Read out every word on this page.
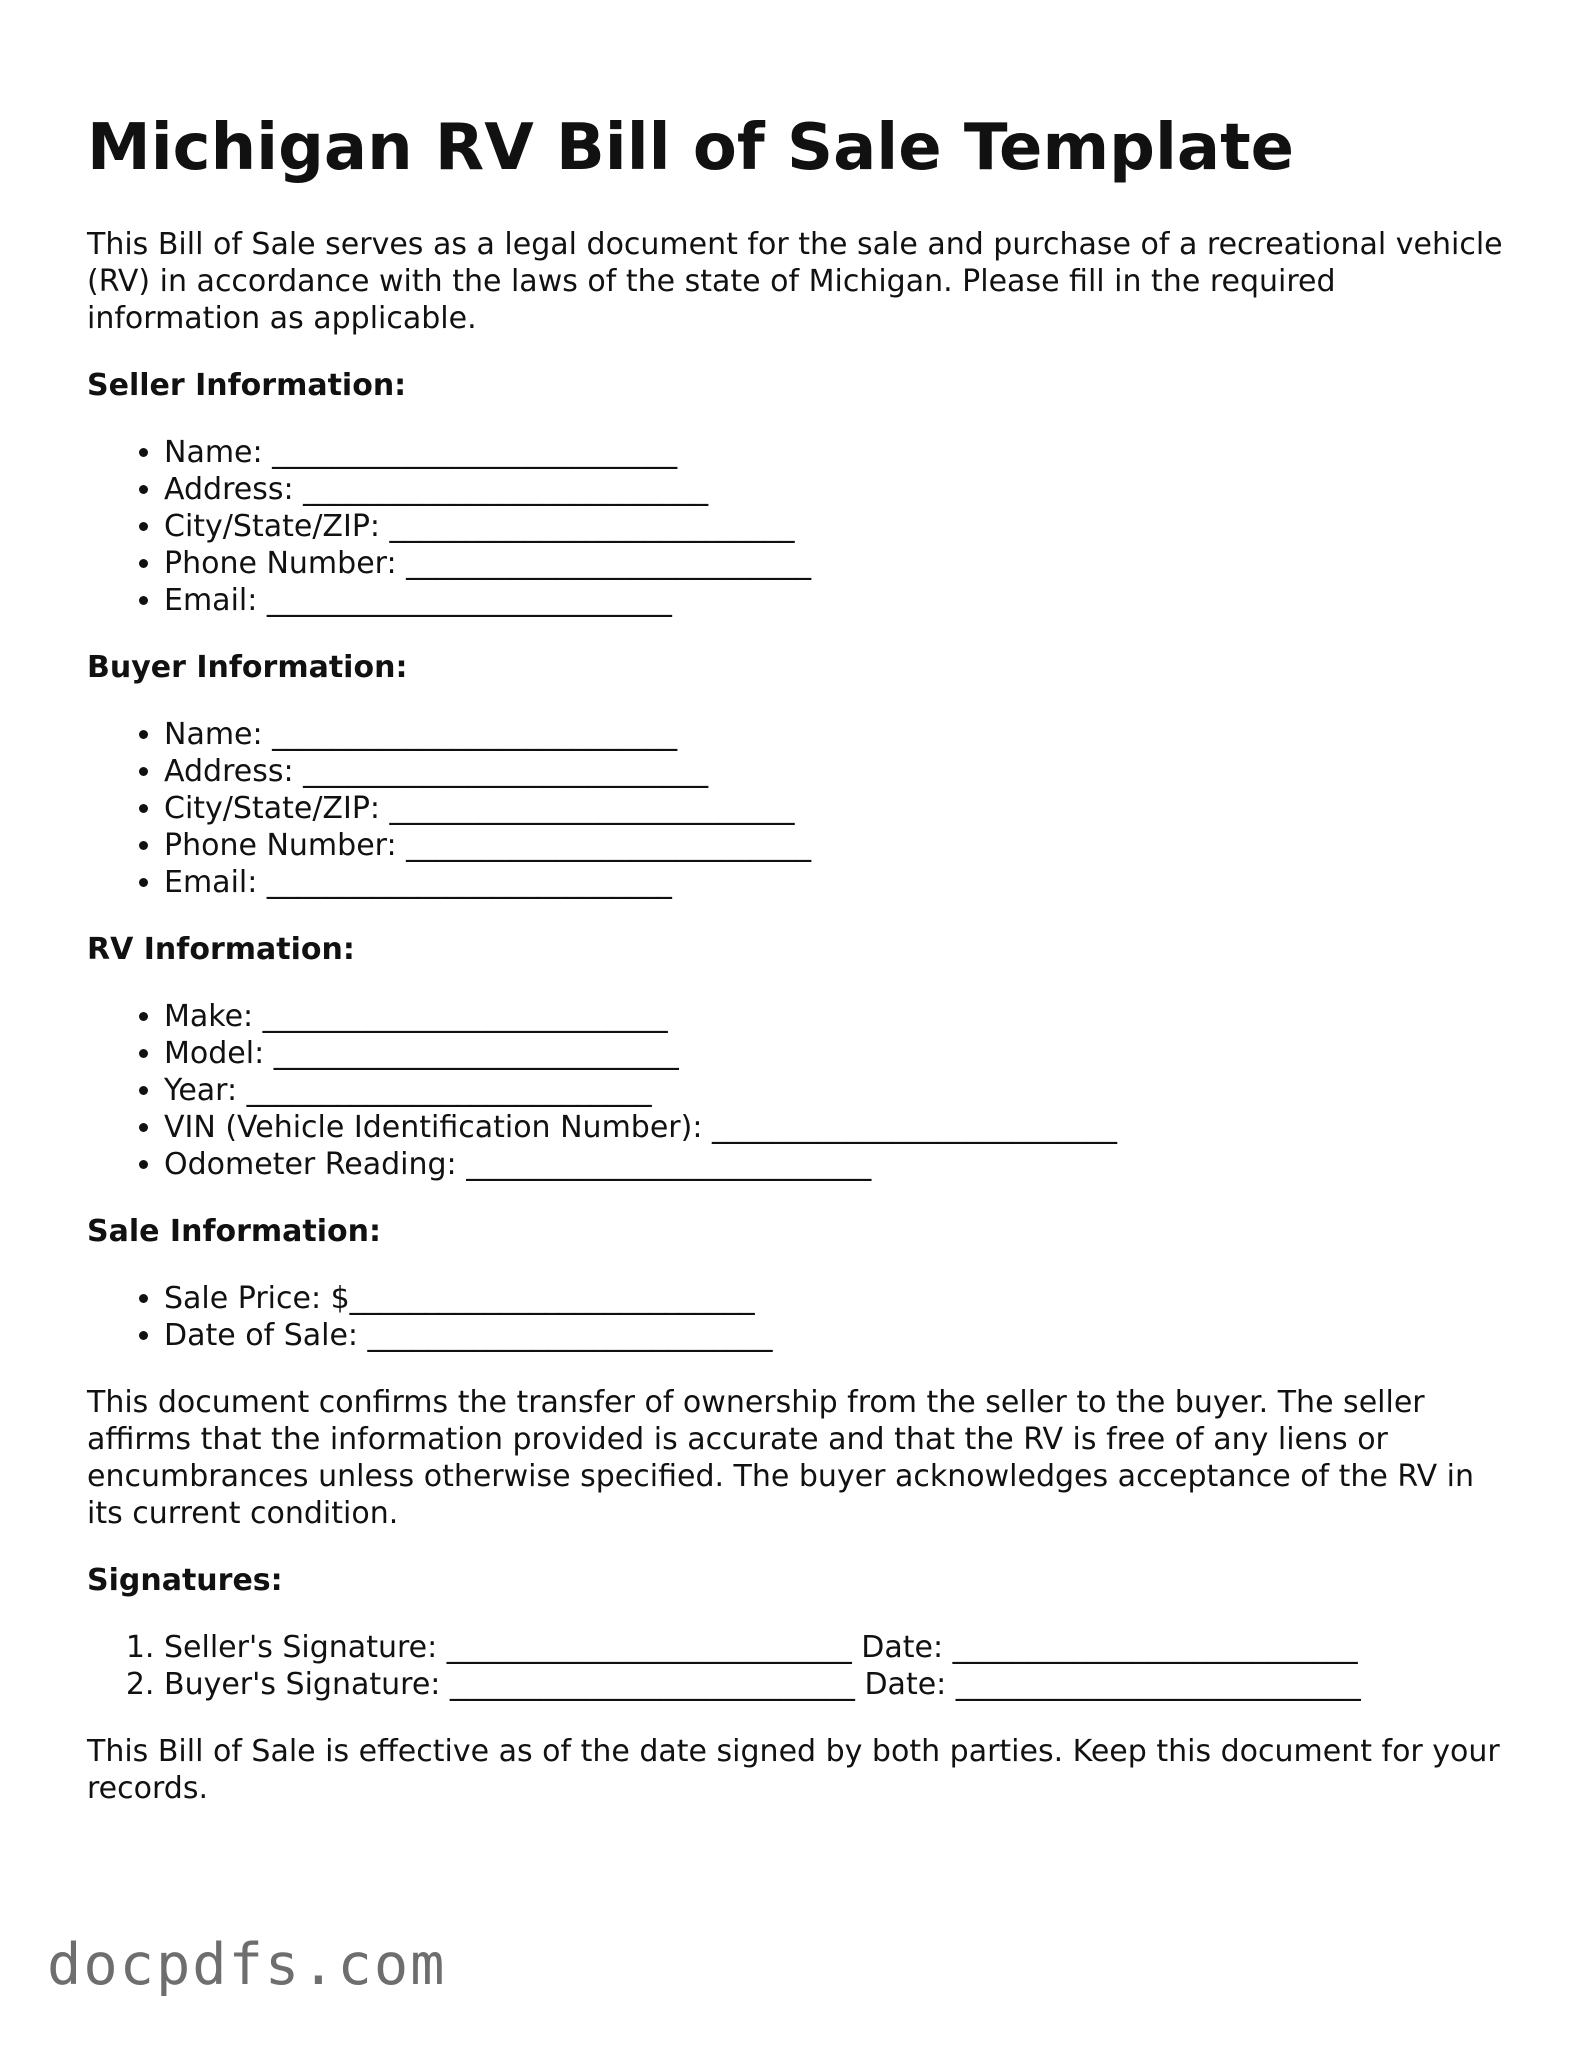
Michigan RV Bill of Sale Template

This Bill of Sale serves as a legal document for the sale and purchase of a recreational vehicle (RV) in accordance with the laws of the state of Michigan. Please fill in the required information as applicable.

Seller Information:
• Name: ___________________________
• Address: ___________________________
• City/State/ZIP: ___________________________
• Phone Number: ___________________________
• Email: ___________________________
Buyer Information:
• Name: ___________________________
• Address: ___________________________
• City/State/ZIP: ___________________________
• Phone Number: ___________________________
• Email: ___________________________
RV Information:
• Make: ___________________________
• Model: ___________________________
• Year: ___________________________
• VIN (Vehicle Identification Number): ___________________________
• Odometer Reading: ___________________________
Sale Information:
• Sale Price: $___________________________
• Date of Sale: ___________________________

This document confirms the transfer of ownership from the seller to the buyer. The seller affirms that the information provided is accurate and that the RV is free of any liens or encumbrances unless otherwise specified. The buyer acknowledges acceptance of the RV in its current condition.

Signatures:
1. Seller's Signature: ___________________________ Date: ___________________________
2. Buyer's Signature: ___________________________ Date: ___________________________

This Bill of Sale is effective as of the date signed by both parties. Keep this document for your records.

docpdfs.com
